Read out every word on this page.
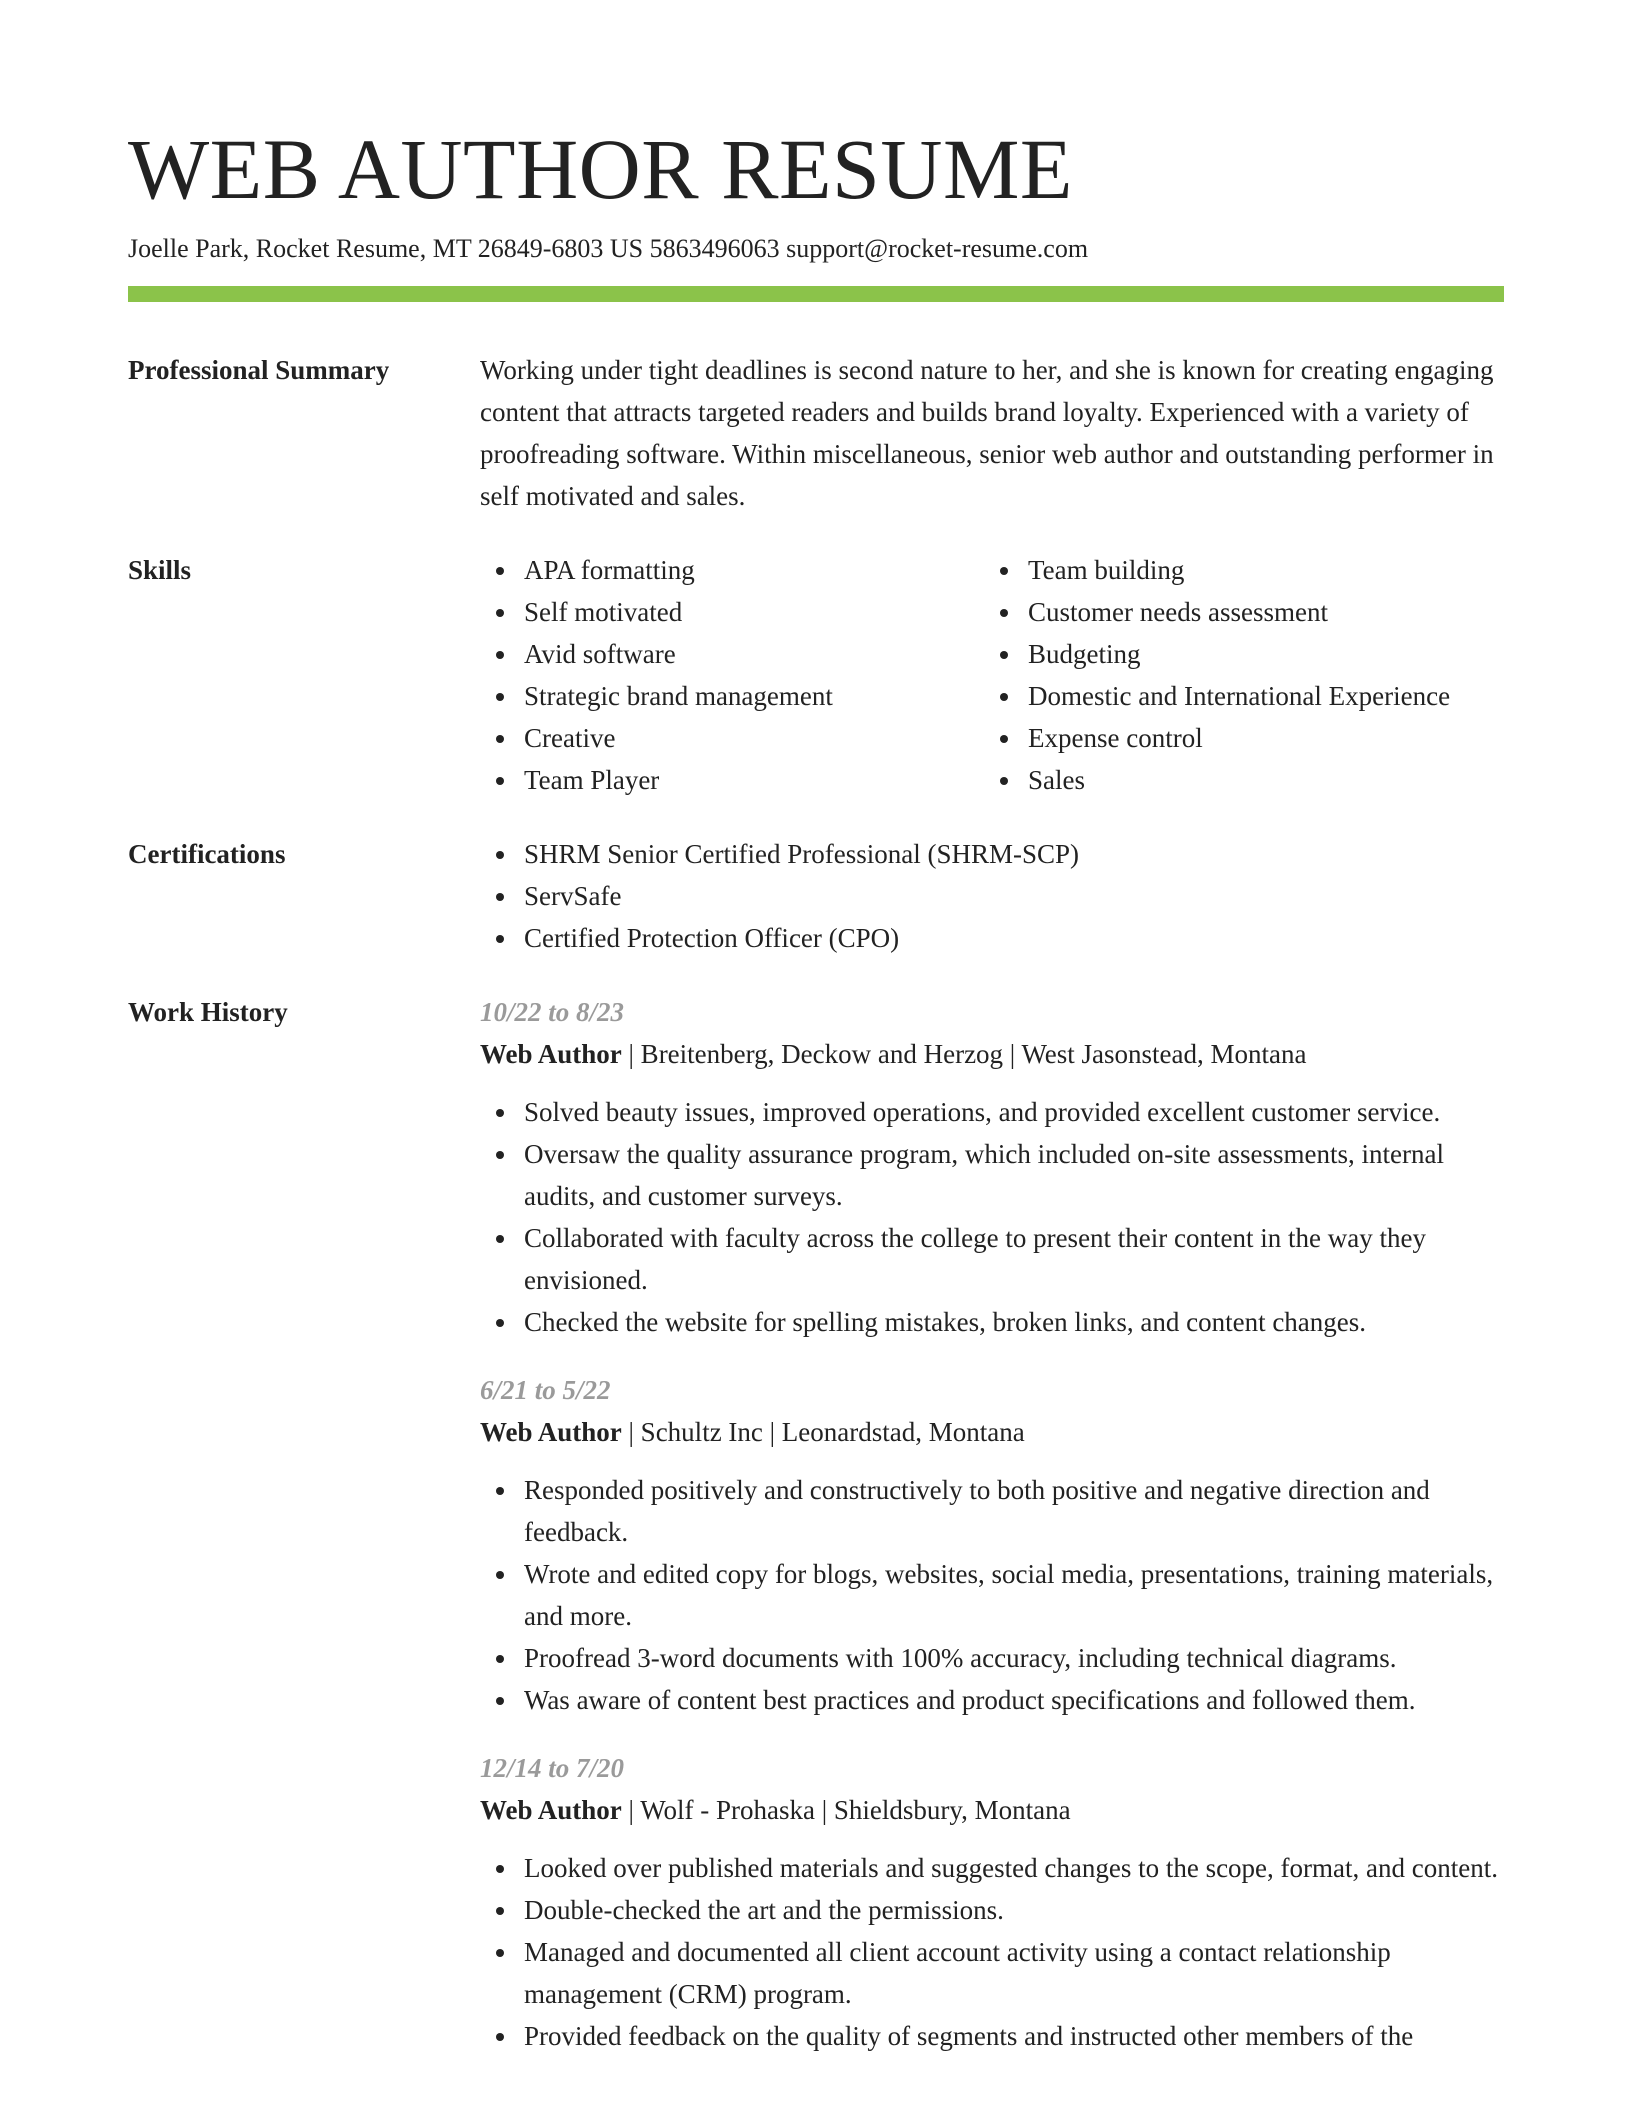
WEB AUTHOR RESUME
Joelle Park, Rocket Resume, MT 26849-6803 US 5863496063 support@rocket-resume.com
Professional Summary	Working under tight deadlines is second nature to her, and she is known for creating engaging content that attracts targeted readers and builds brand loyalty. Experienced with a variety of proofreading software. Within miscellaneous, senior web author and outstanding performer in self motivated and sales.

Skills	APA formatting
Self motivated
Avid software
Strategic brand management
Creative
Team Player
Team building
Customer needs assessment
Budgeting
Domestic and International Experience
Expense control
Sales
Certifications	SHRM Senior Certified Professional (SHRM-SCP)
ServSafe
Certified Protection Officer (CPO)
Work History	10/22 to 8/23
Web Author | Breitenberg, Deckow and Herzog | West Jasonstead, Montana
Solved beauty issues, improved operations, and provided excellent customer service.
Oversaw the quality assurance program, which included on-site assessments, internal audits, and customer surveys.
Collaborated with faculty across the college to present their content in the way they envisioned.
Checked the website for spelling mistakes, broken links, and content changes.
6/21 to 5/22
Web Author | Schultz Inc | Leonardstad, Montana
Responded positively and constructively to both positive and negative direction and feedback.
Wrote and edited copy for blogs, websites, social media, presentations, training materials, and more.
Proofread 3-word documents with 100% accuracy, including technical diagrams.
Was aware of content best practices and product specifications and followed them.
12/14 to 7/20
Web Author | Wolf - Prohaska | Shieldsbury, Montana
Looked over published materials and suggested changes to the scope, format, and content.
Double-checked the art and the permissions.
Managed and documented all client account activity using a contact relationship management (CRM) program.
Provided feedback on the quality of segments and instructed other members of the
